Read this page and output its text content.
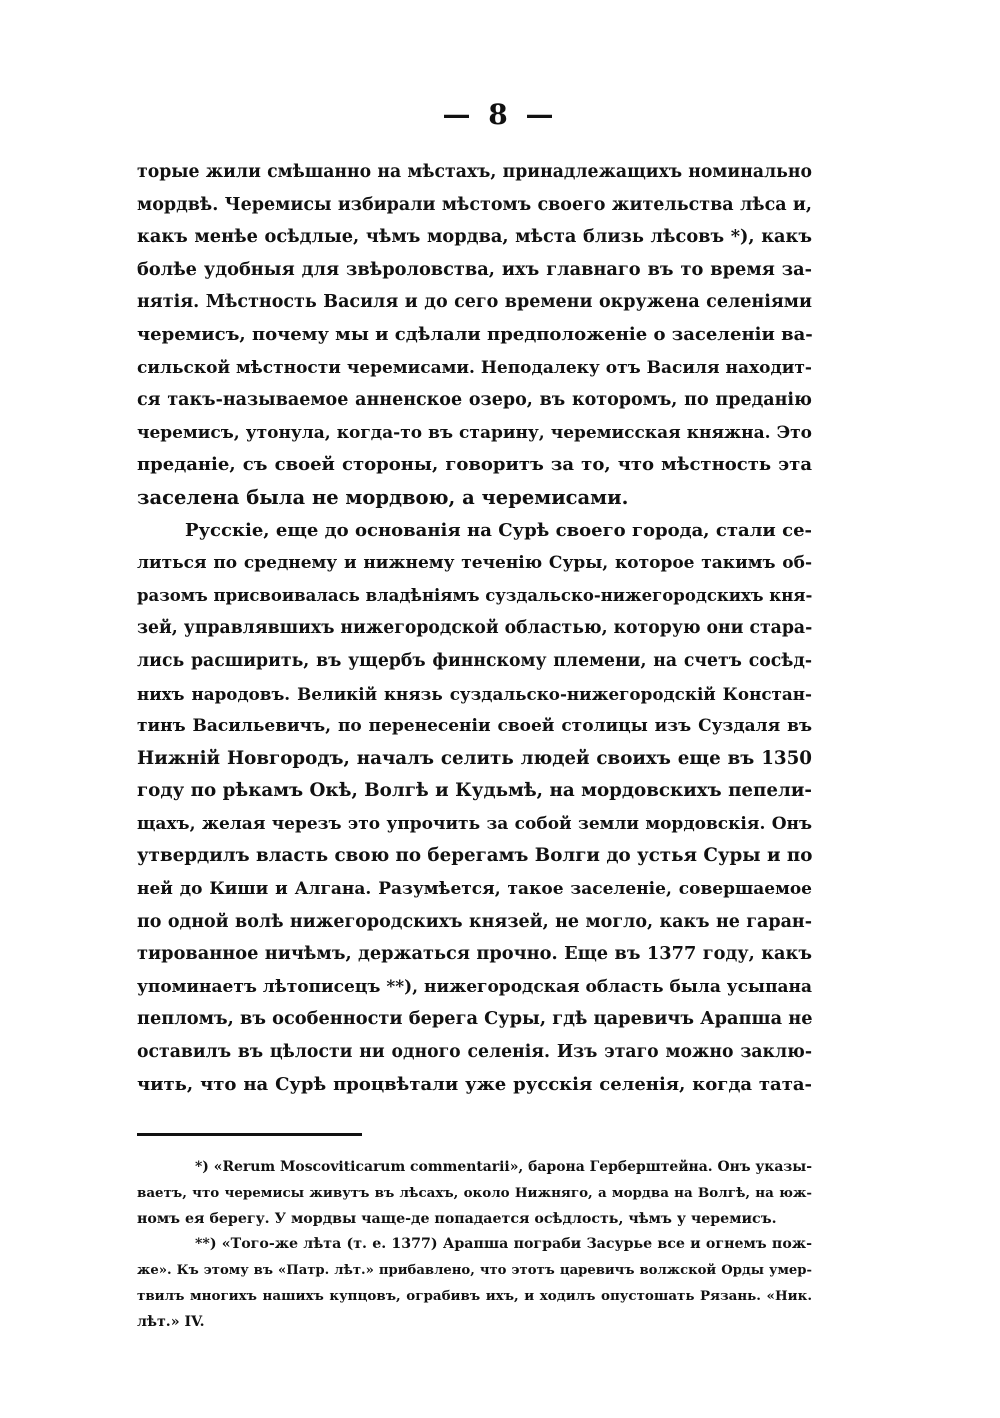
— 8 —
торые жили смѣшанно на мѣстахъ, принадлежащихъ номинально
мордвѣ. Черемисы избирали мѣстомъ своего жительства лѣса и,
какъ менѣе осѣдлые, чѣмъ мордва, мѣста близь лѣсовъ *), какъ
болѣе удобныя для звѣроловства, ихъ главнаго въ то время за-
нятія. Мѣстность Василя и до сего времени окружена селеніями
черемисъ, почему мы и сдѣлали предположеніе о заселеніи ва-
сильской мѣстности черемисами. Неподалеку отъ Василя находит-
ся такъ-называемое анненское озеро, въ которомъ, по преданію
черемисъ, утонула, когда-то въ старину, черемисская княжна. Это
преданіе, съ своей стороны, говоритъ за то, что мѣстность эта
заселена была не мордвою, а черемисами.
Русскіе, еще до основанія на Сурѣ своего города, стали се-
литься по среднему и нижнему теченію Суры, которое такимъ об-
разомъ присвоивалась владѣніямъ суздальско-нижегородскихъ кня-
зей, управлявшихъ нижегородской областью, которую они стара-
лись расширить, въ ущербъ финнскому племени, на счетъ сосѣд-
нихъ народовъ. Великій князь суздальско-нижегородскій Констан-
тинъ Васильевичъ, по перенесеніи своей столицы изъ Суздаля въ
Нижній Новгородъ, началъ селить людей своихъ еще въ 1350
году по рѣкамъ Окѣ, Волгѣ и Кудьмѣ, на мордовскихъ пепели-
щахъ, желая черезъ это упрочить за собой земли мордовскія. Онъ
утвердилъ власть свою по берегамъ Волги до устья Суры и по
ней до Киши и Алгана. Разумѣется, такое заселеніе, совершаемое
по одной волѣ нижегородскихъ князей, не могло, какъ не гаран-
тированное ничѣмъ, держаться прочно. Еще въ 1377 году, какъ
упоминаетъ лѣтописецъ **), нижегородская область была усыпана
пепломъ, въ особенности берега Суры, гдѣ царевичъ Арапша не
оставилъ въ цѣлости ни одного селенія. Изъ этаго можно заклю-
чить, что на Сурѣ процвѣтали уже русскія селенія, когда тата-
*) «Rerum Moscoviticarum commentarii», барона Герберштейна. Онъ указы-
ваетъ, что черемисы живутъ въ лѣсахъ, около Нижняго, а мордва на Волгѣ, на юж-
номъ ея берегу. У мордвы чаще-де попадается осѣдлость, чѣмъ у черемисъ.
**) «Того-же лѣта (т. е. 1377) Арапша пограби Засурье все и огнемъ пож-
же». Къ этому въ «Патр. лѣт.» прибавлено, что этотъ царевичъ волжской Орды умер-
твилъ многихъ нашихъ купцовъ, ограбивъ ихъ, и ходилъ опустошать Рязань. «Ник.
лѣт.» IV.
